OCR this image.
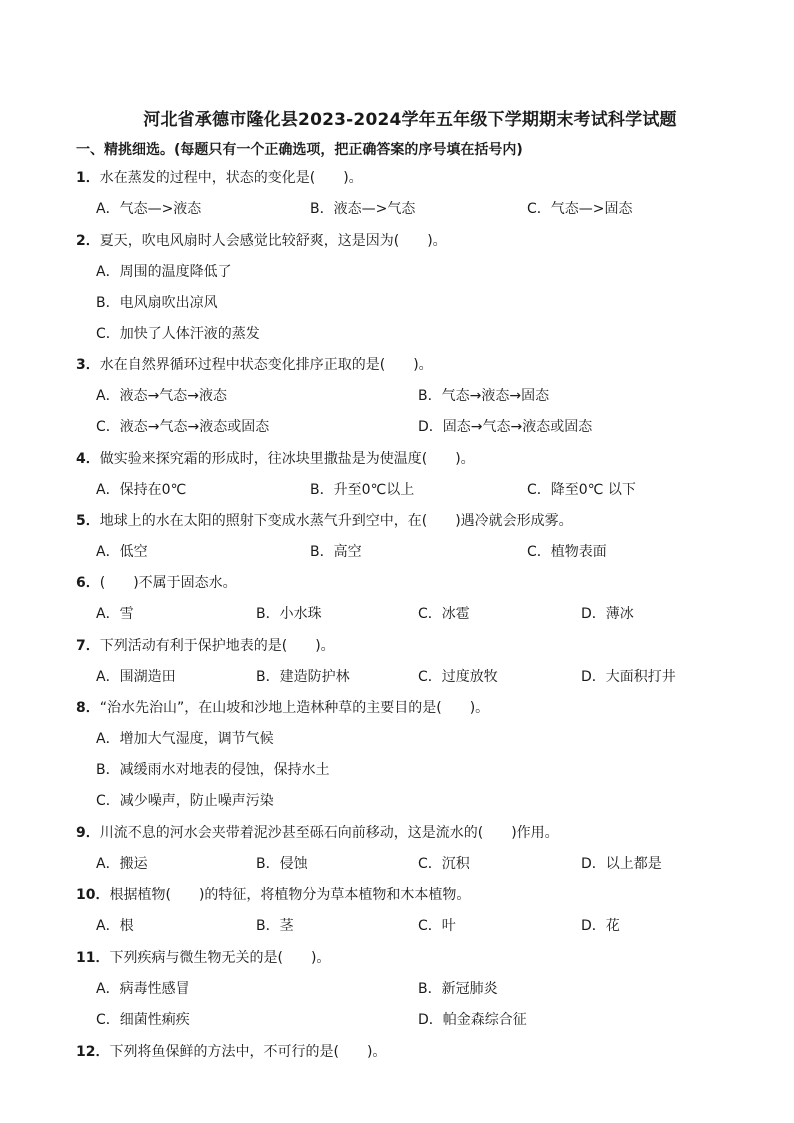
河北省承德市隆化县2023-2024学年五年级下学期期末考试科学试题
一、精挑细选。(每题只有一个正确选项，把正确答案的序号填在括号内)
1．水在蒸发的过程中，状态的变化是(　　)。
A．气态—>液态	B．液态—>气态	C．气态—>固态
2．夏天，吹电风扇时人会感觉比较舒爽，这是因为(　　)。
A．周围的温度降低了
B．电风扇吹出凉风
C．加快了人体汗液的蒸发
3．水在自然界循环过程中状态变化排序正取的是(　　)。
A．液态→气态→液态	B．气态→液态→固态
C．液态→气态→液态或固态	D．固态→气态→液态或固态
4．做实验来探究霜的形成时，往冰块里撒盐是为使温度(　　)。
A．保持在0℃	B．升至0℃以上	C．降至0℃ 以下
5．地球上的水在太阳的照射下变成水蒸气升到空中，在(　　)遇冷就会形成雾。
A．低空	B．高空	C．植物表面
6．(　　)不属于固态水。
A．雪	B．小水珠	C．冰雹	D．薄冰
7．下列活动有利于保护地表的是(　　)。
A．围湖造田	B．建造防护林	C．过度放牧	D．大面积打井
8．“治水先治山”，在山坡和沙地上造林种草的主要目的是(　　)。
A．增加大气湿度，调节气候
B．减缓雨水对地表的侵蚀，保持水土
C．减少噪声，防止噪声污染
9．川流不息的河水会夹带着泥沙甚至砾石向前移动，这是流水的(　　)作用。
A．搬运	B．侵蚀	C．沉积	D．以上都是
10．根据植物(　　)的特征，将植物分为草本植物和木本植物。
A．根	B．茎	C．叶	D．花
11．下列疾病与微生物无关的是(　　)。
A．病毒性感冒	B．新冠肺炎
C．细菌性痢疾	D．帕金森综合征
12．下列将鱼保鲜的方法中，不可行的是(　　)。
